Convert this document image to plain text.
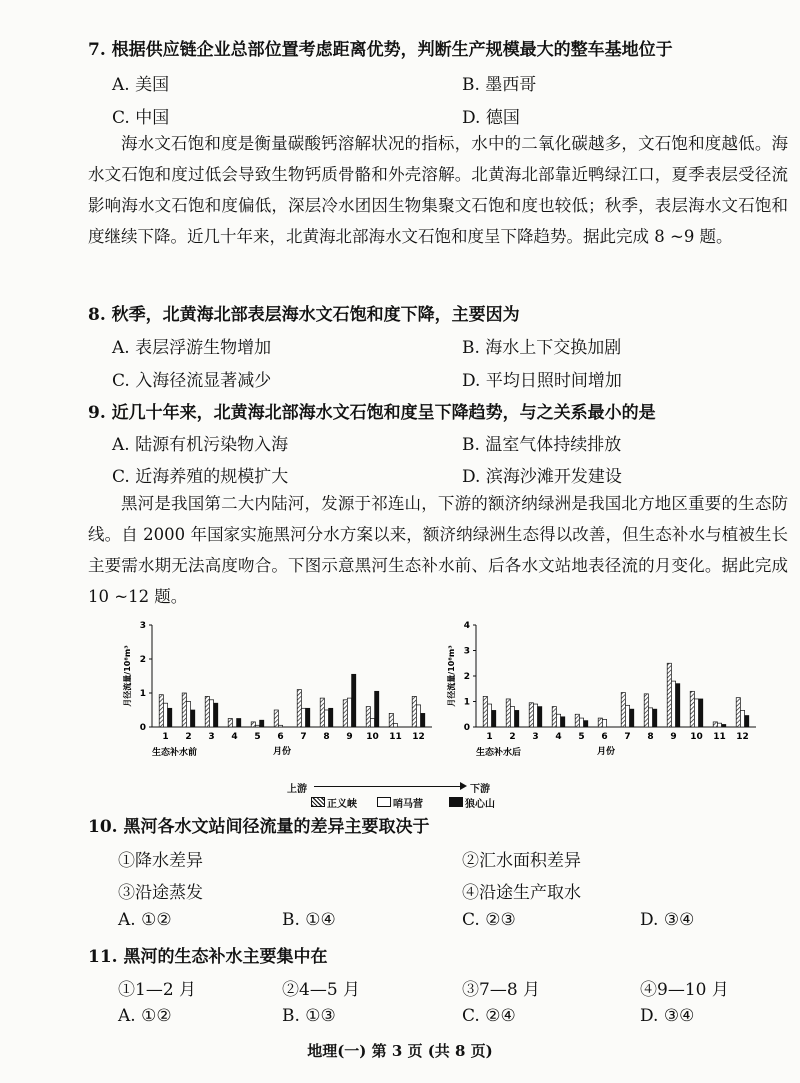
7. 根据供应链企业总部位置考虑距离优势，判断生产规模最大的整车基地位于
A. 美国	B. 墨西哥
C. 中国	D. 德国

海水文石饱和度是衡量碳酸钙溶解状况的指标，水中的二氧化碳越多，文石饱和度越低。海水文石饱和度过低会导致生物钙质骨骼和外壳溶解。北黄海北部靠近鸭绿江口，夏季表层受径流影响海水文石饱和度偏低，深层冷水团因生物集聚文石饱和度也较低；秋季，表层海水文石饱和度继续下降。近几十年来，北黄海北部海水文石饱和度呈下降趋势。据此完成 8 ~9 题。

8. 秋季，北黄海北部表层海水文石饱和度下降，主要因为
A. 表层浮游生物增加	B. 海水上下交换加剧
C. 入海径流显著减少	D. 平均日照时间增加
9. 近几十年来，北黄海北部海水文石饱和度呈下降趋势，与之关系最小的是
A. 陆源有机污染物入海	B. 温室气体持续排放
C. 近海养殖的规模扩大	D. 滨海沙滩开发建设

黑河是我国第二大内陆河，发源于祁连山，下游的额济纳绿洲是我国北方地区重要的生态防线。自 2000 年国家实施黑河分水方案以来，额济纳绿洲生态得以改善，但生态补水与植被生长主要需水期无法高度吻合。下图示意黑河生态补水前、后各水文站地表径流的月变化。据此完成 10 ~12 题。

0
1
2
3
月径流量/10⁸m³
1 2 3 4 5 6 7 8 9 10 11 12
生态补水前	月份
0
1
2
3
4
月径流量/10⁸m³
1 2 3 4 5 6 7 8 9 10 11 12
生态补水后	月份
上游	下游
正义峡	哨马营	狼心山
10. 黑河各水文站间径流量的差异主要取决于
①降水差异	②汇水面积差异
③沿途蒸发	④沿途生产取水
A. ①②	B. ①④	C. ②③	D. ③④
11. 黑河的生态补水主要集中在
①1—2 月	②4—5 月	③7—8 月	④9—10 月
A. ①②	B. ①③	C. ②④	D. ③④
地理(一) 第 3 页 (共 8 页)
